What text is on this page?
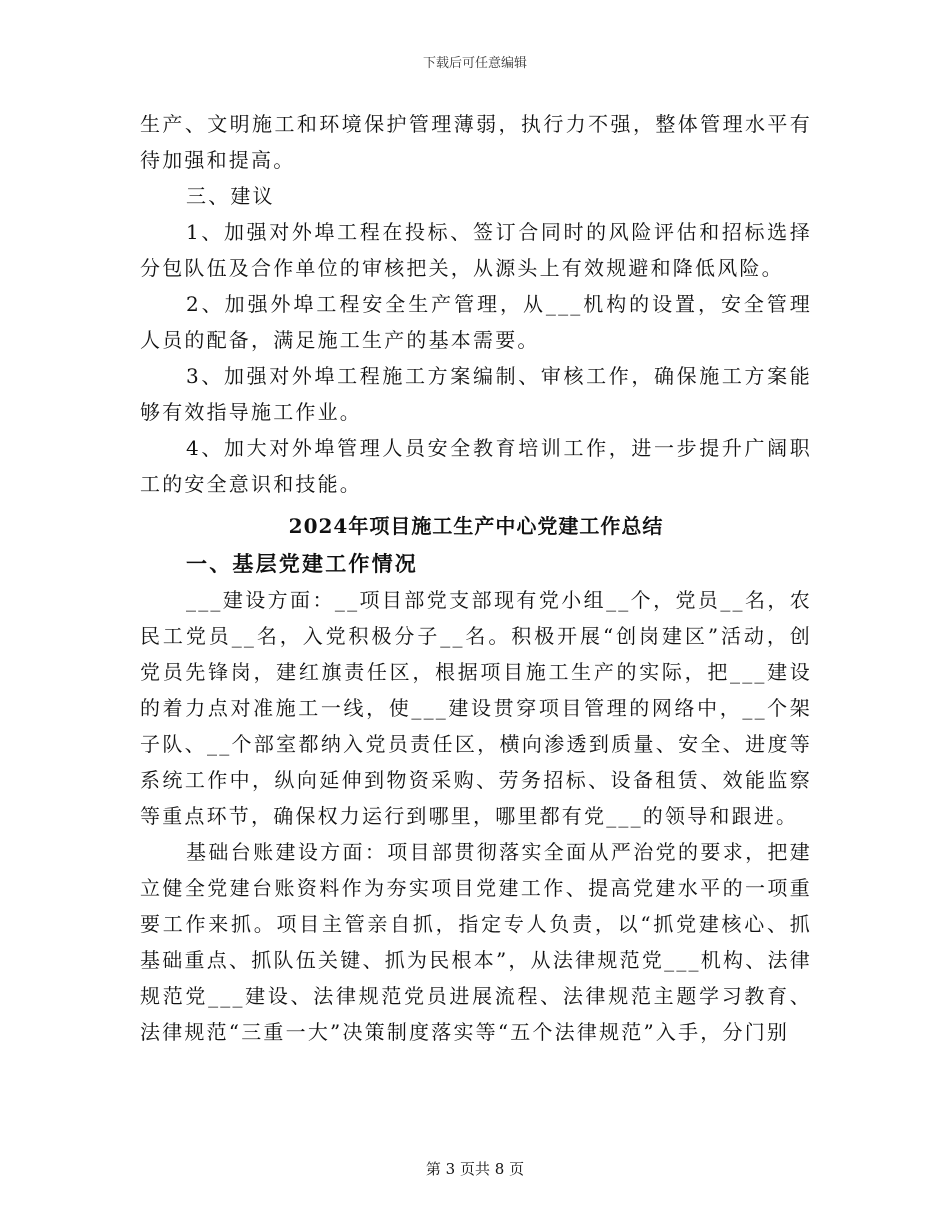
下载后可任意编辑

生产、文明施工和环境保护管理薄弱，执行力不强，整体管理水平有待加强和提高。

三、建议

1、加强对外埠工程在投标、签订合同时的风险评估和招标选择分包队伍及合作单位的审核把关，从源头上有效规避和降低风险。

2、加强外埠工程安全生产管理，从___机构的设置，安全管理人员的配备，满足施工生产的基本需要。

3、加强对外埠工程施工方案编制、审核工作，确保施工方案能够有效指导施工作业。

4、加大对外埠管理人员安全教育培训工作，进一步提升广阔职工的安全意识和技能。

2024年项目施工生产中心党建工作总结

一、基层党建工作情况

___建设方面：__项目部党支部现有党小组__个，党员__名，农民工党员__名，入党积极分子__名。积极开展“创岗建区”活动，创党员先锋岗，建红旗责任区，根据项目施工生产的实际，把___建设的着力点对准施工一线，使___建设贯穿项目管理的网络中，__个架子队、__个部室都纳入党员责任区，横向渗透到质量、安全、进度等系统工作中，纵向延伸到物资采购、劳务招标、设备租赁、效能监察等重点环节，确保权力运行到哪里，哪里都有党___的领导和跟进。

基础台账建设方面：项目部贯彻落实全面从严治党的要求，把建立健全党建台账资料作为夯实项目党建工作、提高党建水平的一项重要工作来抓。项目主管亲自抓，指定专人负责，以“抓党建核心、抓基础重点、抓队伍关键、抓为民根本”，从法律规范党___机构、法律规范党___建设、法律规范党员进展流程、法律规范主题学习教育、法律规范“三重一大”决策制度落实等“五个法律规范”入手，分门别

第 3 页共 8 页
